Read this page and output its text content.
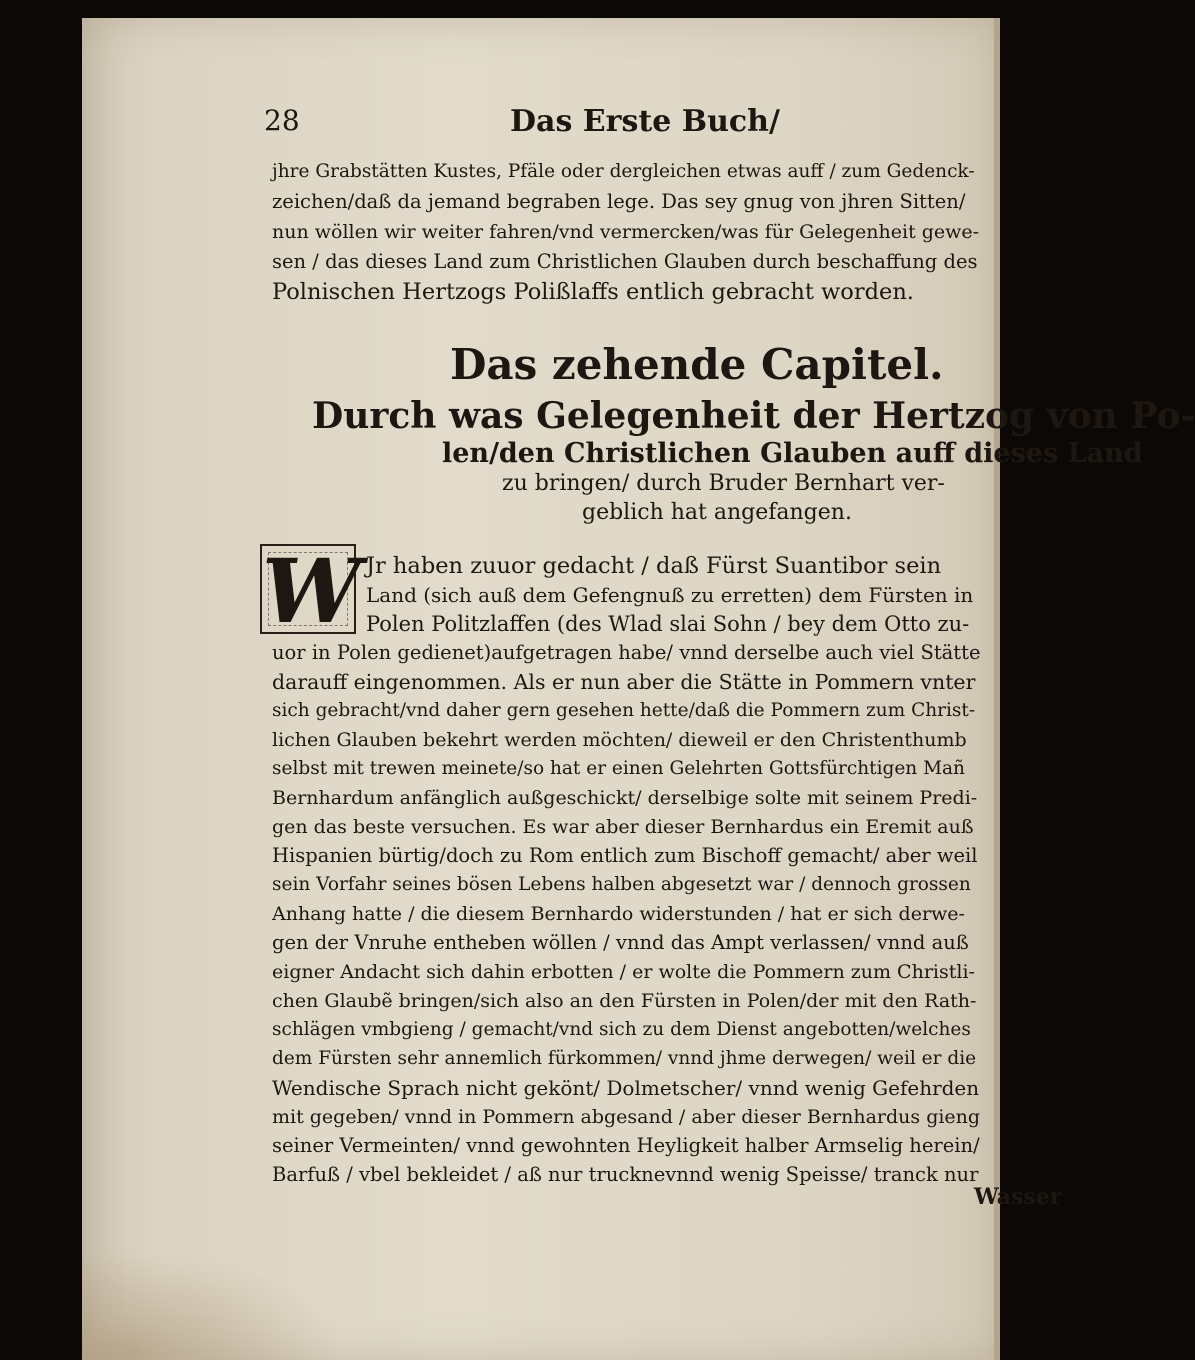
28	Das Erste Buch/
jhre Grabstätten Kustes, Pfäle oder dergleichen etwas auff / zum Gedenck-
zeichen/daß da jemand begraben lege. Das sey gnug von jhren Sitten/
nun wöllen wir weiter fahren/vnd vermercken/was für Gelegenheit gewe-
sen / das dieses Land zum Christlichen Glauben durch beschaffung des
Polnischen Hertzogs Polißlaffs entlich gebracht worden.
Das zehende Capitel.
Durch was Gelegenheit der Hertzog von Po-
len/den Christlichen Glauben auff dieses Land
zu bringen/ durch Bruder Bernhart ver-
geblich hat angefangen.
W Jr haben zuuor gedacht / daß Fürst Suantibor sein
Land (sich auß dem Gefengnuß zu erretten) dem Fürsten in
Polen Politzlaffen (des Wlad slai Sohn / bey dem Otto zu-
uor in Polen gedienet)aufgetragen habe/ vnnd derselbe auch viel Stätte
darauff eingenommen. Als er nun aber die Stätte in Pommern vnter
sich gebracht/vnd daher gern gesehen hette/daß die Pommern zum Christ-
lichen Glauben bekehrt werden möchten/ dieweil er den Christenthumb
selbst mit trewen meinete/so hat er einen Gelehrten Gottsfürchtigen Mañ
Bernhardum anfänglich außgeschickt/ derselbige solte mit seinem Predi-
gen das beste versuchen. Es war aber dieser Bernhardus ein Eremit auß
Hispanien bürtig/doch zu Rom entlich zum Bischoff gemacht/ aber weil
sein Vorfahr seines bösen Lebens halben abgesetzt war / dennoch grossen
Anhang hatte / die diesem Bernhardo widerstunden / hat er sich derwe-
gen der Vnruhe entheben wöllen / vnnd das Ampt verlassen/ vnnd auß
eigner Andacht sich dahin erbotten / er wolte die Pommern zum Christli-
chen Glaubẽ bringen/sich also an den Fürsten in Polen/der mit den Rath-
schlägen vmbgieng / gemacht/vnd sich zu dem Dienst angebotten/welches
dem Fürsten sehr annemlich fürkommen/ vnnd jhme derwegen/ weil er die
Wendische Sprach nicht gekönt/ Dolmetscher/ vnnd wenig Gefehrden
mit gegeben/ vnnd in Pommern abgesand / aber dieser Bernhardus gieng
seiner Vermeinten/ vnnd gewohnten Heyligkeit halber Armselig herein/
Barfuß / vbel bekleidet / aß nur trucknevnnd wenig Speisse/ tranck nur
Wasser
